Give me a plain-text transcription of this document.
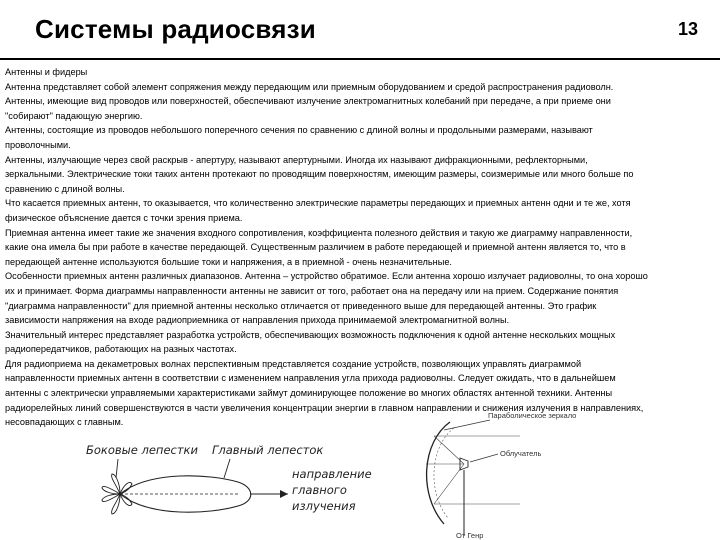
Системы радиосвязи	13
Антенны и фидеры
Антенна представляет собой элемент сопряжения между передающим или приемным оборудованием и средой распространения радиоволн.
Антенны, имеющие вид проводов или поверхностей, обеспечивают излучение электромагнитных колебаний при передаче, а при приеме они
"собирают" падающую энергию.
Антенны, состоящие из проводов небольшого поперечного сечения по сравнению с длиной волны и продольными размерами, называют
проволочными.
Антенны, излучающие через свой раскрыв - апертуру, называют апертурными. Иногда их называют дифракционными, рефлекторными,
зеркальными. Электрические токи таких антенн протекают по проводящим поверхностям, имеющим размеры, соизмеримые или много больше по
сравнению с длиной волны.
Что касается приемных антенн, то оказывается, что количественно электрические параметры передающих и приемных антенн одни и те же, хотя
физическое объяснение дается с точки зрения приема.
Приемная антенна имеет такие же значения входного сопротивления, коэффициента полезного действия и такую же диаграмму направленности,
какие она имела бы при работе в качестве передающей. Существенным различием в работе передающей и приемной антенн является то, что в
передающей антенне используются большие токи и напряжения, а в приемной - очень незначительные.
Особенности приемных антенн различных диапазонов. Антенна – устройство обратимое. Если антенна хорошо излучает радиоволны, то она хорошо
их и принимает. Форма диаграммы направленности антенны не зависит от того, работает она на передачу или на прием. Содержание понятия
"диаграмма направленности" для приемной антенны несколько отличается от приведенного выше для передающей антенны. Это график
зависимости напряжения на входе радиоприемника от направления прихода принимаемой электромагнитной волны.
Значительный интерес представляет разработка устройств, обеспечивающих возможность подключения к одной антенне нескольких мощных
радиопередатчиков, работающих на разных частотах.
Для радиоприема на декаметровых волнах перспективным представляется создание устройств, позволяющих управлять диаграммой
направленности приемных антенн в соответствии с изменением направления угла прихода радиоволны. Следует ожидать, что в дальнейшем
антенны с электрически управляемыми характеристиками займут доминирующее положение во многих областях антенной техники. Антенны
радиорелейных линий совершенствуются в части увеличения концентрации энергии в главном направлении и снижения излучения в направлениях,
несовпадающих с главным.
Боковые лепестки Главный лепесток
направление
главного
излучения
Параболическое зеркало
Облучатель
От Генр
